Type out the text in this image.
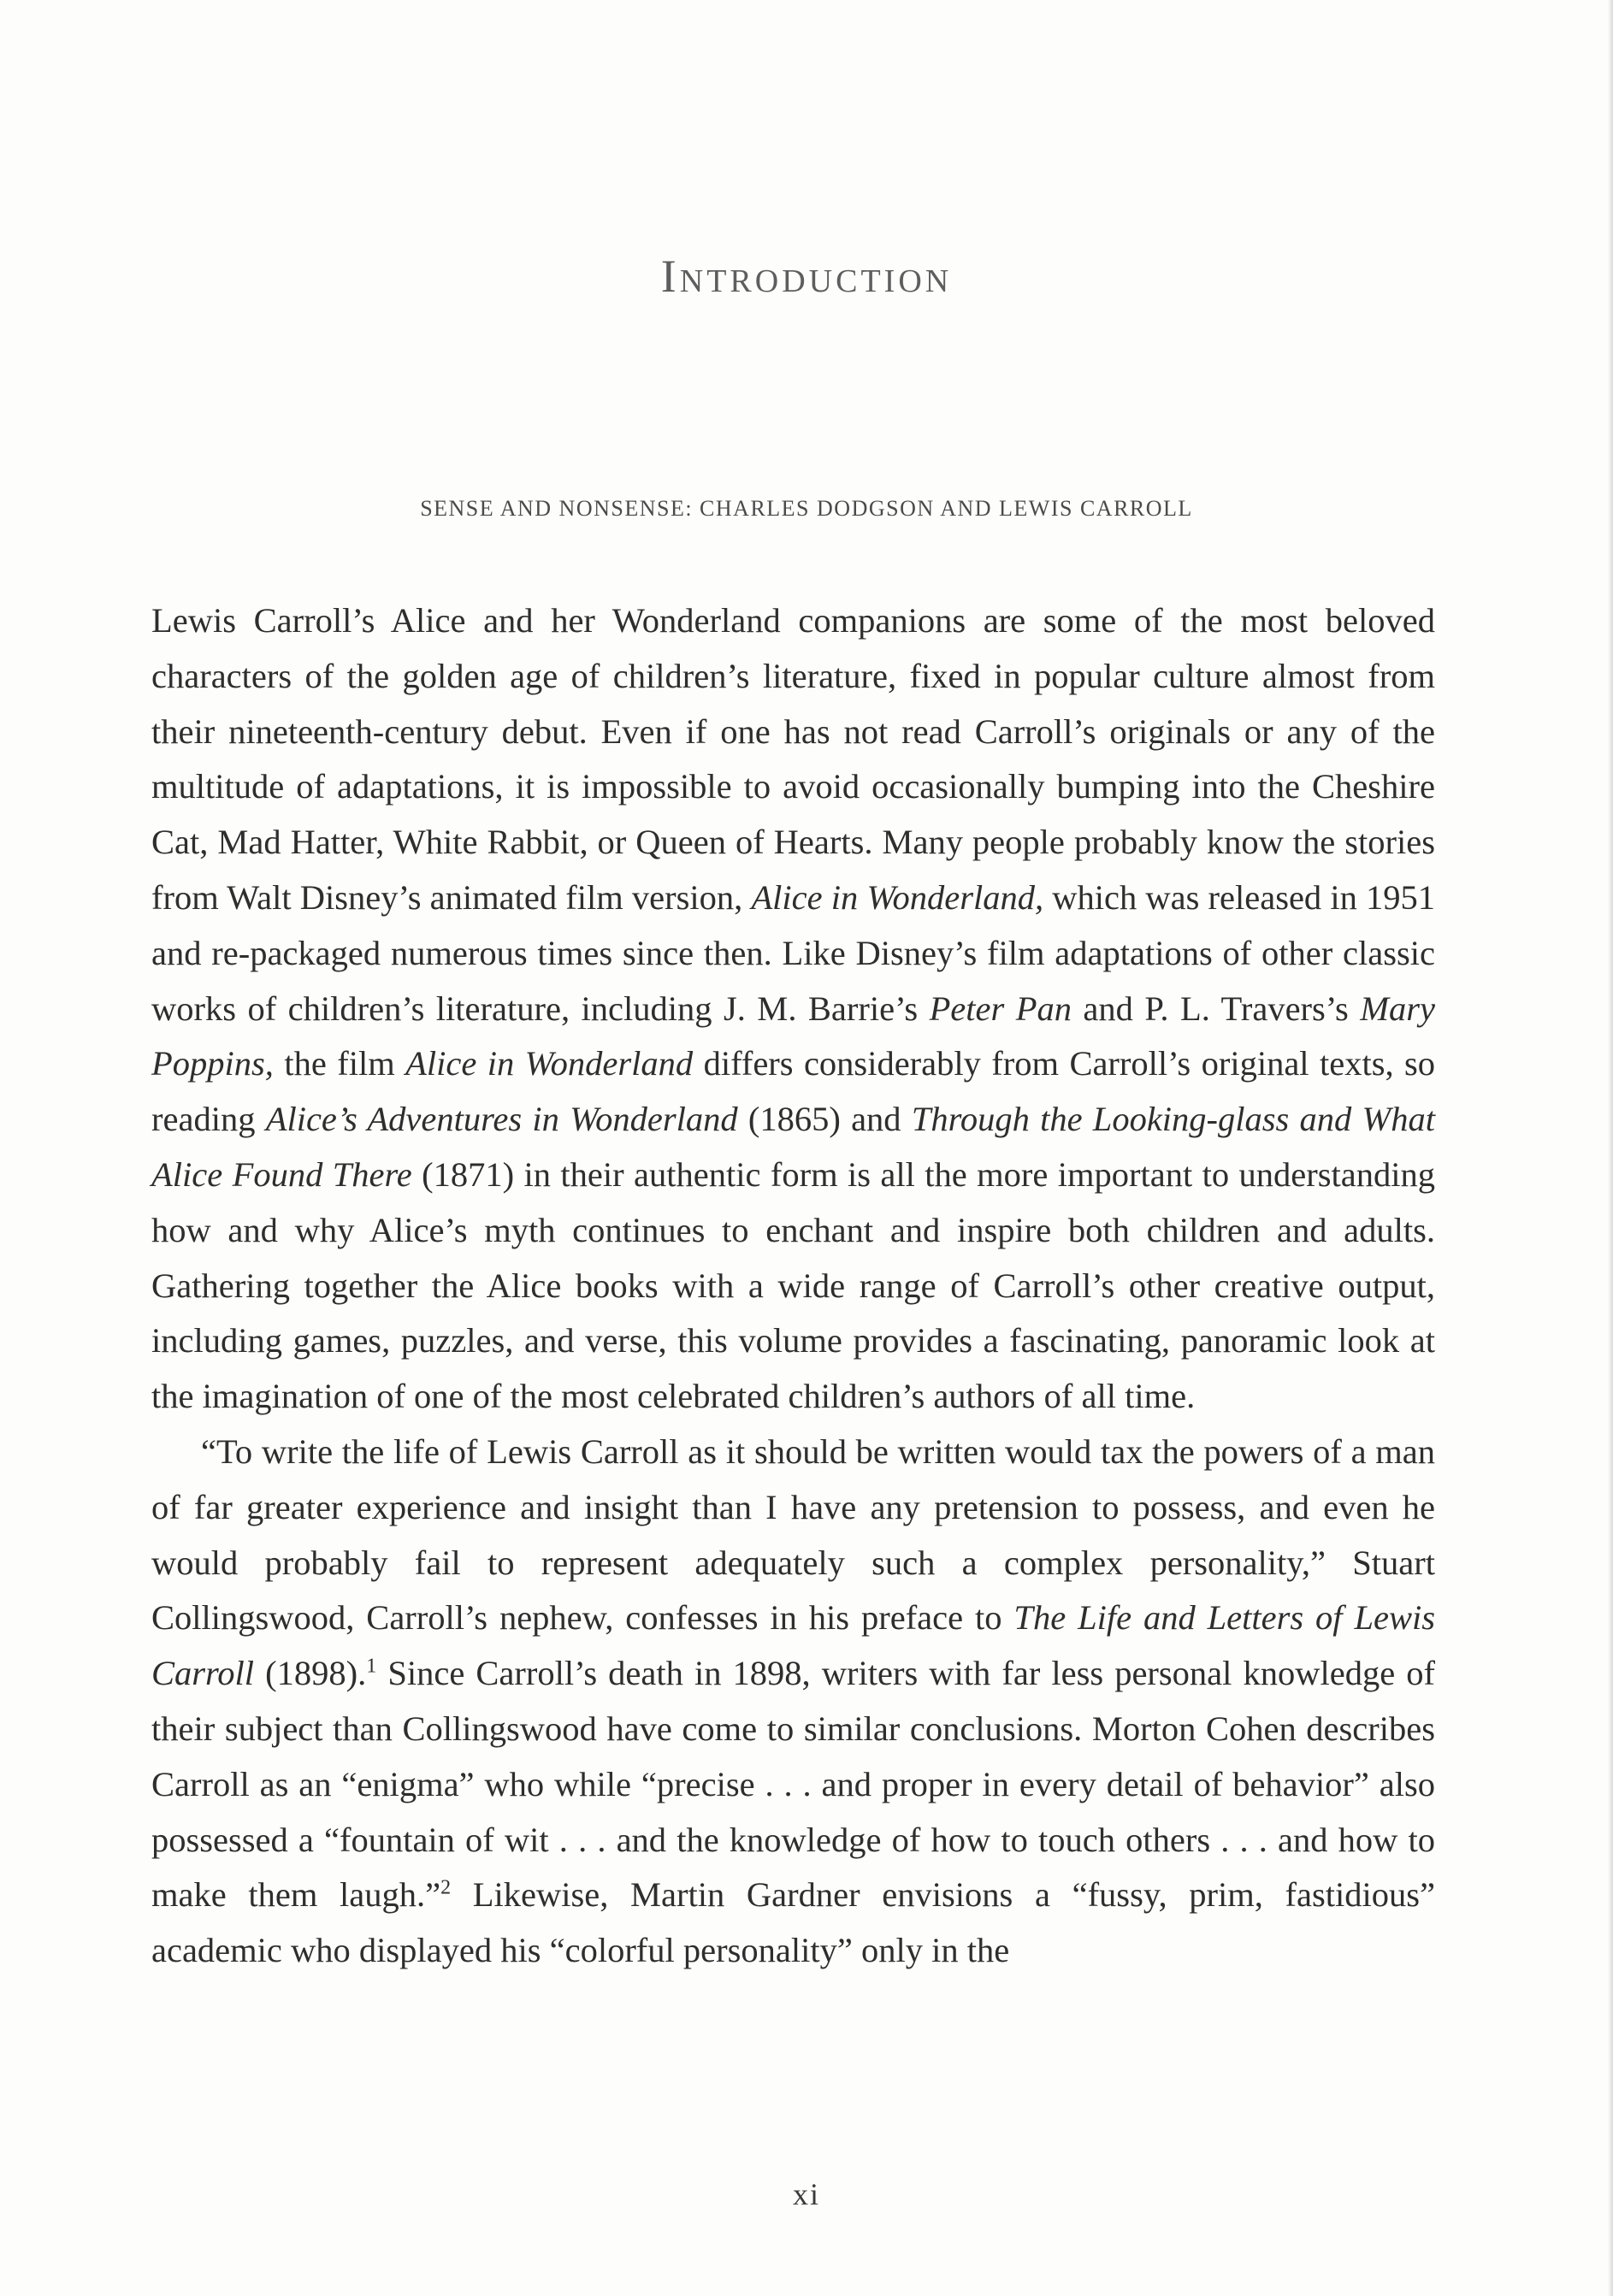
Introduction
SENSE AND NONSENSE: CHARLES DODGSON AND LEWIS CARROLL

Lewis Carroll’s Alice and her Wonderland companions are some of the most beloved characters of the golden age of children’s literature, fixed in popular culture almost from their nineteenth-century debut. Even if one has not read Carroll’s originals or any of the multitude of adaptations, it is impossible to avoid occasionally bumping into the Cheshire Cat, Mad Hatter, White Rabbit, or Queen of Hearts. Many people probably know the stories from Walt Disney’s animated film version, Alice in Wonderland, which was released in 1951 and re-packaged numerous times since then. Like Disney’s film adaptations of other classic works of children’s literature, including J. M. Barrie’s Peter Pan and P. L. Travers’s Mary Poppins, the film Alice in Wonderland differs considerably from Carroll’s original texts, so reading Alice’s Adventures in Wonderland (1865) and Through the Looking-glass and What Alice Found There (1871) in their authentic form is all the more important to understanding how and why Alice’s myth continues to enchant and inspire both children and adults. Gathering together the Alice books with a wide range of Carroll’s other creative output, including games, puzzles, and verse, this volume provides a fascinating, panoramic look at the imagination of one of the most celebrated children’s authors of all time.

“To write the life of Lewis Carroll as it should be written would tax the powers of a man of far greater experience and insight than I have any pretension to possess, and even he would probably fail to represent adequately such a complex personality,” Stuart Collingswood, Carroll’s nephew, confesses in his preface to The Life and Letters of Lewis Carroll (1898).$^1$ Since Carroll’s death in 1898, writers with far less personal knowledge of their subject than Collingswood have come to similar conclusions. Morton Cohen describes Carroll as an “enigma” who while “precise . . . and proper in every detail of behavior” also possessed a “fountain of wit . . . and the knowledge of how to touch others . . . and how to make them laugh.”$^2$ Likewise, Martin Gardner envisions a “fussy, prim, fastidious” academic who displayed his “colorful personality” only in the

xi
